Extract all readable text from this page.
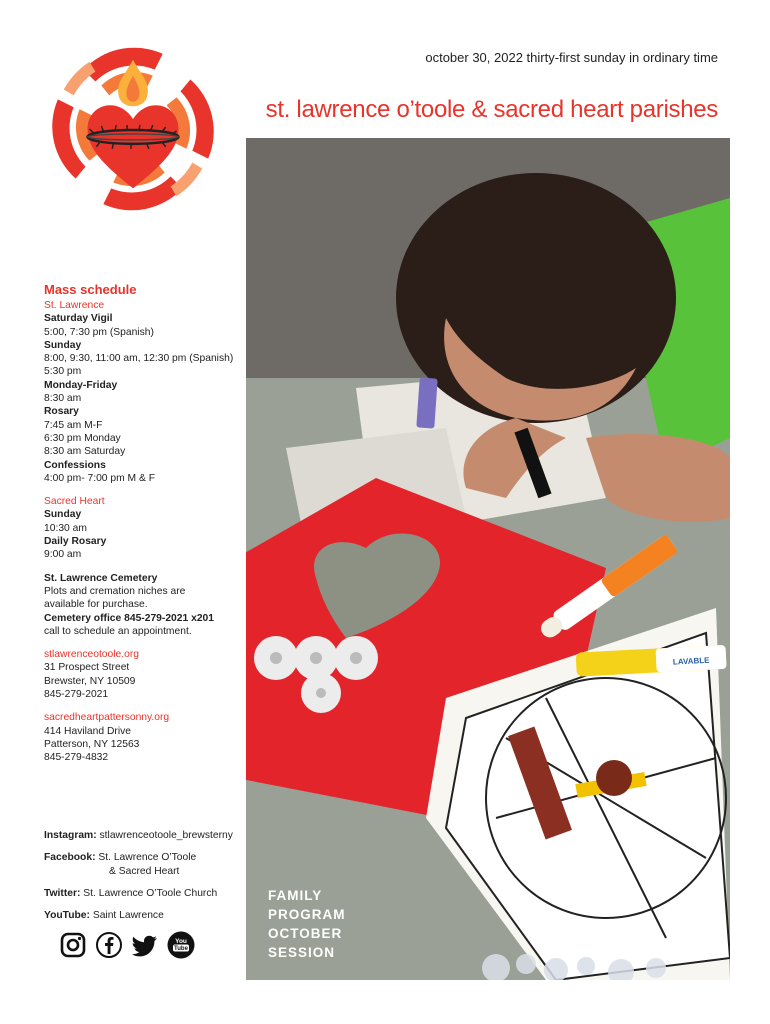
october 30, 2022 thirty-first sunday in ordinary time
st. lawrence o’toole & sacred heart parishes
Mass schedule
St. Lawrence
Saturday Vigil
5:00, 7:30 pm (Spanish)
Sunday
8:00, 9:30, 11:00 am, 12:30 pm (Spanish)
5:30 pm
Monday-Friday
8:30 am
Rosary
7:45 am M-F
6:30 pm Monday
8:30 am Saturday
Confessions
4:00 pm- 7:00 pm M & F
Sacred Heart
Sunday
10:30 am
Daily Rosary
9:00 am
St. Lawrence Cemetery
Plots and cremation niches are
available for purchase.
Cemetery office 845-279-2021 x201
call to schedule an appointment.
stlawrenceotoole.org
31 Prospect Street
Brewster, NY 10509
845-279-2021
sacredheartpattersonny.org
414 Haviland Drive
Patterson, NY 12563
845-279-4832
Instagram: stlawrenceotoole_brewsterny
Facebook: St. Lawrence O’Toole
& Sacred Heart
Twitter: St. Lawrence O’Toole Church
YouTube: Saint Lawrence
You
Tube
LAVABLE
FAMILY
PROGRAM
OCTOBER
SESSION
